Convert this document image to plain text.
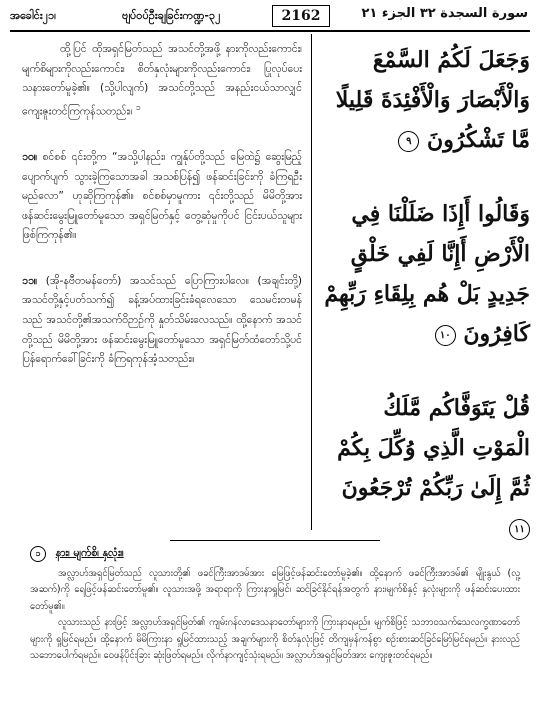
အခေါင်း၂၁၊	ဗျပ်ဝပ်ဦးချခြင်းကဏ္ဍ-၃၂	2162	سورة السجدة ٣٢ الجزء ٢١

ထို့ပြင် ထိုအရှင်မြတ်သည် အသင်တို့အဖို့ နားကိုလည်းကောင်း၊ မျက်စိများကိုလည်းကောင်း၊ စိတ်နှလုံးများကိုလည်းကောင်း၊ ပြုလုပ်ပေးသနားတော်မူခဲ့၏။ (သို့ပါလျက်) အသင်တို့သည် အနည်းငယ်သာလျှင် ကျေးဇူးတင်ကြကုန်သတည်း။ $^၁$

၁၀။ စင်စစ် ၎င်းတို့က “အသို့ပါနည်း၊ ကျွန်ုပ်တို့သည် မြေထဲ၌ ဆွေးမြည့်ပျောက်ပျက် သွားခဲ့ကြသောအခါ အသစ်ပြန်၍ ဖန်ဆင်းခြင်းကို ခံကြရဦးမည်လော” ဟုဆိုကြကုန်၏။ စင်စစ်မှာမူကား ၎င်းတို့သည် မိမိတို့အား ဖန်ဆင်းမွေးမြူတော်မူသော အရှင်မြတ်နှင့် တွေ့ဆုံမှုကိုပင် ငြင်းပယ်သူများ ဖြစ်ကြကုန်၏။

၁၁။ (အို-နဗီတမန်တော်) အသင်သည် ပြောကြားပါလေ။ (အချင်းတို့) အသင်တို့နှင့်ပတ်သက်၍ ခန့်အပ်ထားခြင်းခံရလေသော သေမင်းတမန်သည် အသင်တို့၏အသက်ဝိဉာဉ်ကို နှုတ်သိမ်းလေသည်။ ထို့နောက် အသင်တို့သည် မိမိတို့အား ဖန်ဆင်းမွေးမြူတော်မူသော အရှင်မြတ်ထံတော်သို့ပင် ပြန်ရောက်ခေါ်ခြင်းကို ခံကြရကုန်အံ့သတည်း။

وَجَعَلَ لَكُمُ السَّمْعَ وَالْأَبْصَارَ وَالْأَفْئِدَةَ قَلِيلًا مَّا تَشْكُرُونَ ٩

وَقَالُوا أَإِذَا ضَلَلْنَا فِي الْأَرْضِ أَإِنَّا لَفِي خَلْقٍ جَدِيدٍ بَلْ هُم بِلِقَاءِ رَبِّهِمْ كَافِرُونَ ١٠

قُلْ يَتَوَفَّاكُم مَّلَكُ الْمَوْتِ الَّذِي وُكِّلَ بِكُمْ ثُمَّ إِلَىٰ رَبِّكُمْ تُرْجَعُونَ ١١

၁ နား၊ မျက်စိ၊ နှလုံး။

အလ္လာဟ်အရှင်မြတ်သည် လူသားတို့၏ ဖခင်ကြီးအာဒမ်အား မြေဖြင့်ဖန်ဆင်းတော်မူခဲ့၏။ ထို့နောက် ဖခင်ကြီးအာဒမ်၏ မျိုးနွယ် (လူ့အဆက်)ကို ရေဖြင့်ဖန်ဆင်းတော်မူ၏။ လူသားအဖို့ အရာရာကို ကြားနာရှုမြင်၊ ဆင်ခြင်နိုင်ရန်အတွက် နား၊မျက်စိနှင့် နှလုံးများကို ဖန်ဆင်းပေးထားတော်မူ၏။

လူသားသည် နားဖြင့် အလ္လာဟ်အရှင်မြတ်၏ ကျမ်းဂန်လာဒေသနာတော်များကို ကြားနာရမည်။ မျက်စိဖြင့် သဘာဝသက်သေလက္ခဏာတော်များကို ရှုမြင်ရမည်။ ထို့နောက် မိမိကြားနာ ရှုမြင်ထားသည့် အချက်များကို စိတ်နှလုံးဖြင့် တိကျမှန်ကန်စွာ စဉ်းစားဆင်ခြင်မြော်မြင်ရမည်။ နားလည်သဘောပေါက်ရမည်။ ဝေဖန်ပိုင်းခြား ဆုံးဖြတ်ရမည်။ လိုက်နာကျင့်သုံးရမည်။ အလ္လာဟ်အရှင်မြတ်အား ကျေးဇူးတင်ရမည်။
